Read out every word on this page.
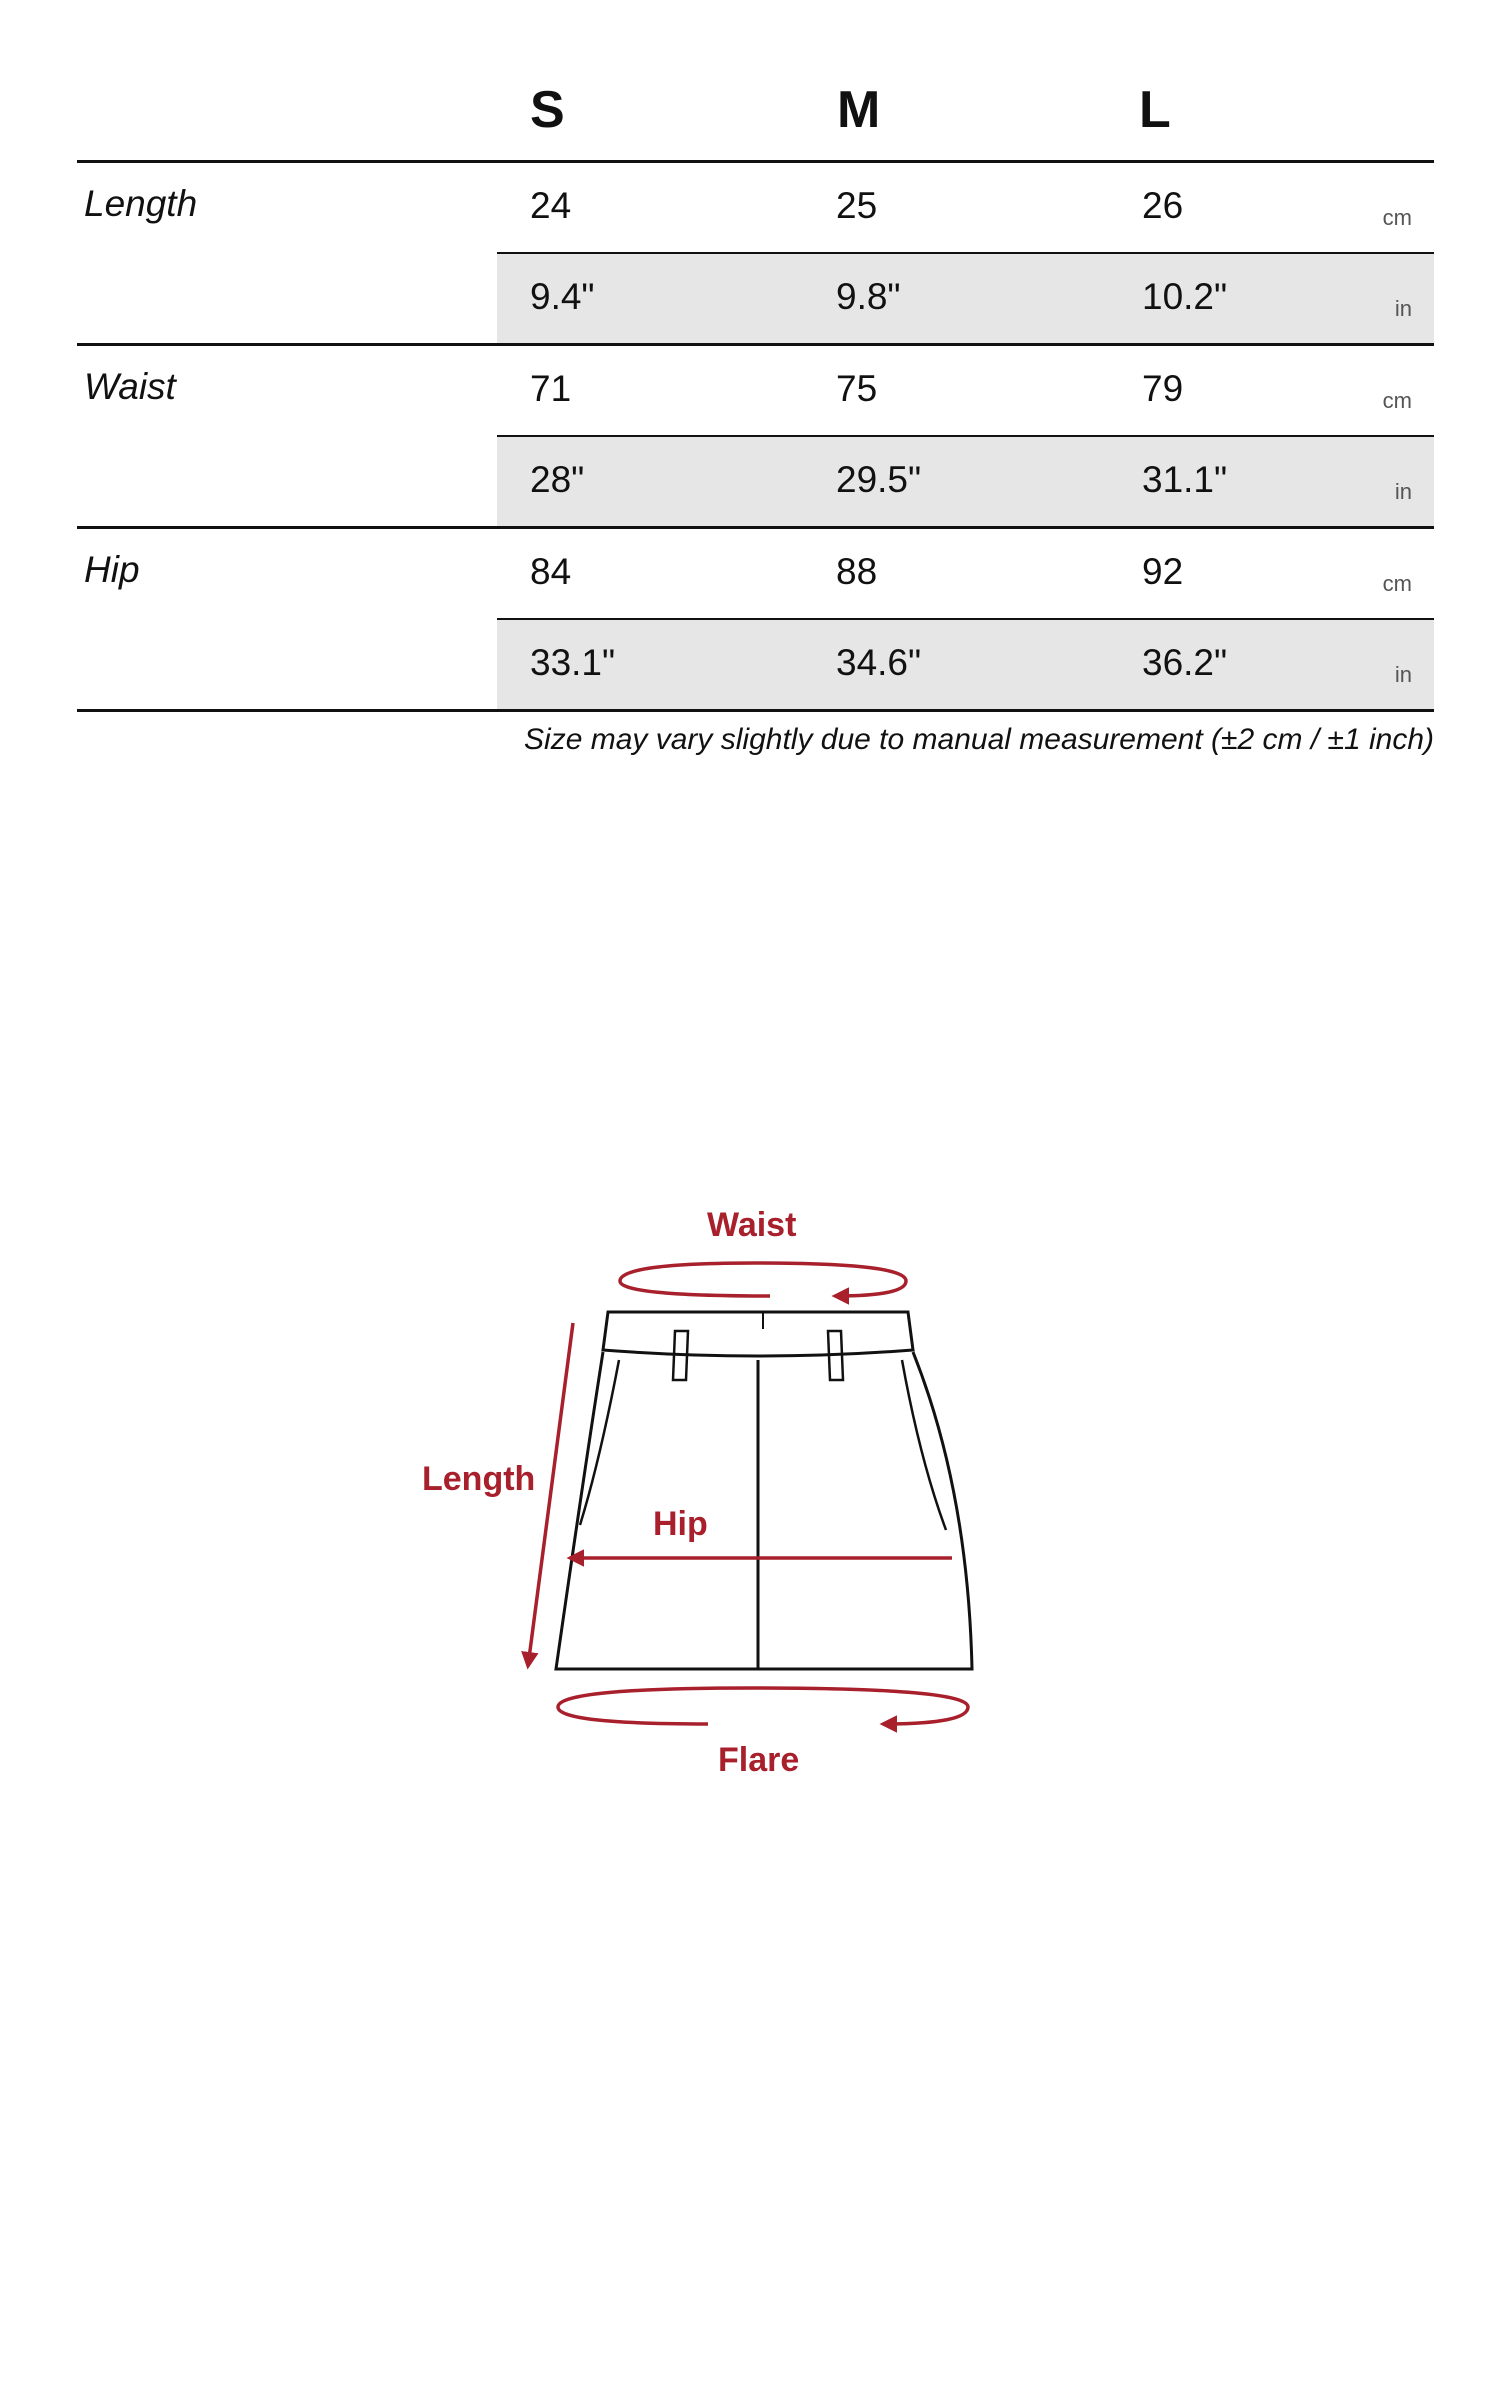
S	M	L
Length	24	25	26	cm
9.4"	9.8"	10.2"	in
Waist	71	75	79	cm
28"	29.5"	31.1"	in
Hip	84	88	92	cm
33.1"	34.6"	36.2"	in
Size may vary slightly due to manual measurement (±2 cm / ±1 inch)
Waist
Length
Hip
Flare
